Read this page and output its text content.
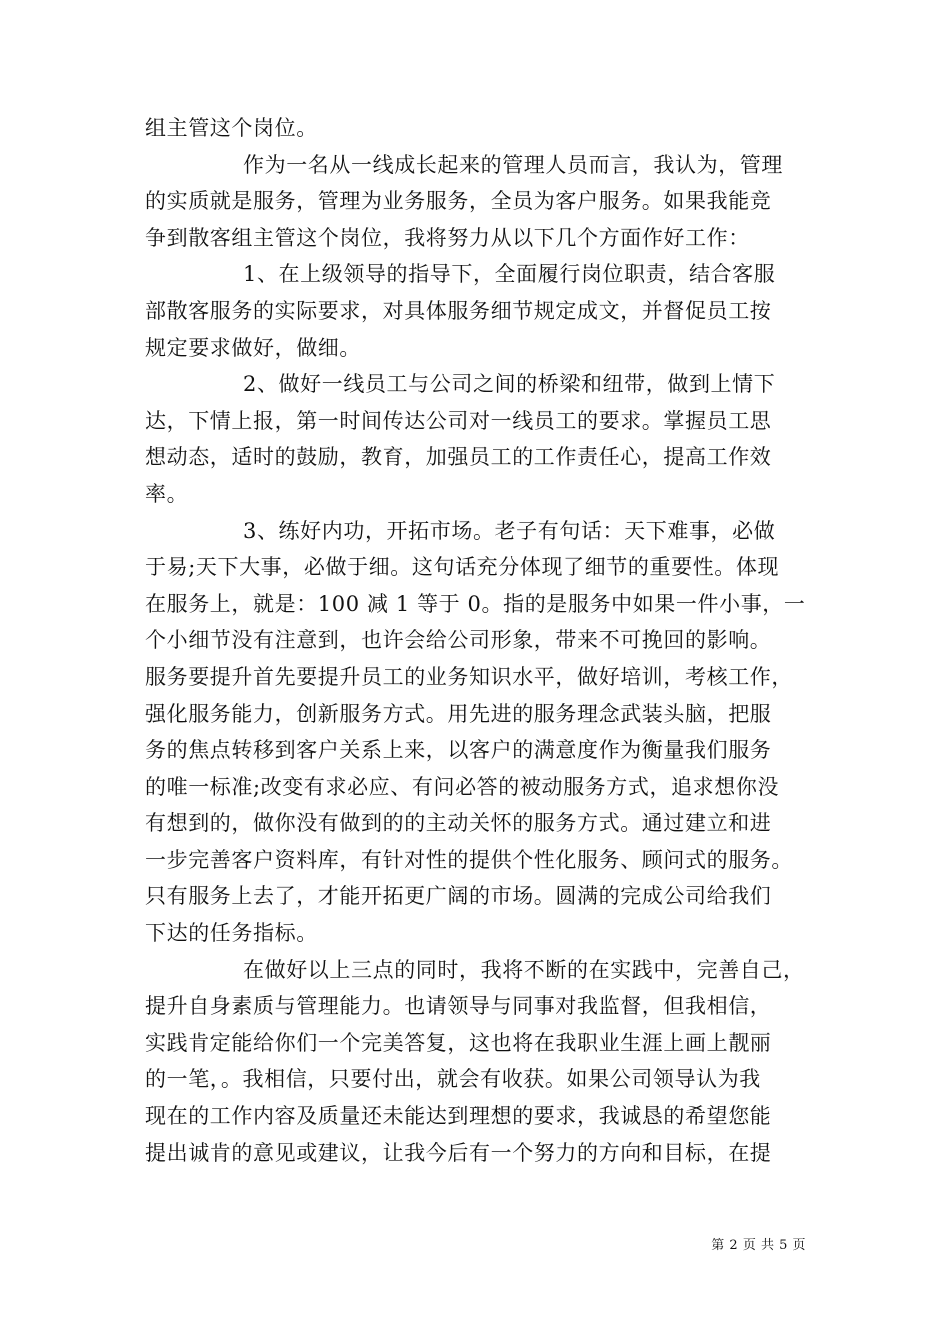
组主管这个岗位。
作为一名从一线成长起来的管理人员而言，我认为，管理
的实质就是服务，管理为业务服务，全员为客户服务。如果我能竞
争到散客组主管这个岗位，我将努力从以下几个方面作好工作：
1、在上级领导的指导下，全面履行岗位职责，结合客服
部散客服务的实际要求，对具体服务细节规定成文，并督促员工按
规定要求做好，做细。
2、做好一线员工与公司之间的桥梁和纽带，做到上情下
达，下情上报，第一时间传达公司对一线员工的要求。掌握员工思
想动态，适时的鼓励，教育，加强员工的工作责任心，提高工作效
率。
3、练好内功，开拓市场。老子有句话：天下难事，必做
于易;天下大事，必做于细。这句话充分体现了细节的重要性。体现
在服务上，就是：100 减 1 等于 0。指的是服务中如果一件小事，一
个小细节没有注意到，也许会给公司形象，带来不可挽回的影响。
服务要提升首先要提升员工的业务知识水平，做好培训，考核工作，
强化服务能力，创新服务方式。用先进的服务理念武装头脑，把服
务的焦点转移到客户关系上来，以客户的满意度作为衡量我们服务
的唯一标准;改变有求必应、有问必答的被动服务方式，追求想你没
有想到的，做你没有做到的的主动关怀的服务方式。通过建立和进
一步完善客户资料库，有针对性的提供个性化服务、顾问式的服务。
只有服务上去了，才能开拓更广阔的市场。圆满的完成公司给我们
下达的任务指标。
在做好以上三点的同时，我将不断的在实践中，完善自己，
提升自身素质与管理能力。也请领导与同事对我监督，但我相信，
实践肯定能给你们一个完美答复，这也将在我职业生涯上画上靓丽
的一笔，。我相信，只要付出，就会有收获。如果公司领导认为我
现在的工作内容及质量还未能达到理想的要求，我诚恳的希望您能
提出诚肯的意见或建议，让我今后有一个努力的方向和目标，在提
第 2 页 共 5 页
